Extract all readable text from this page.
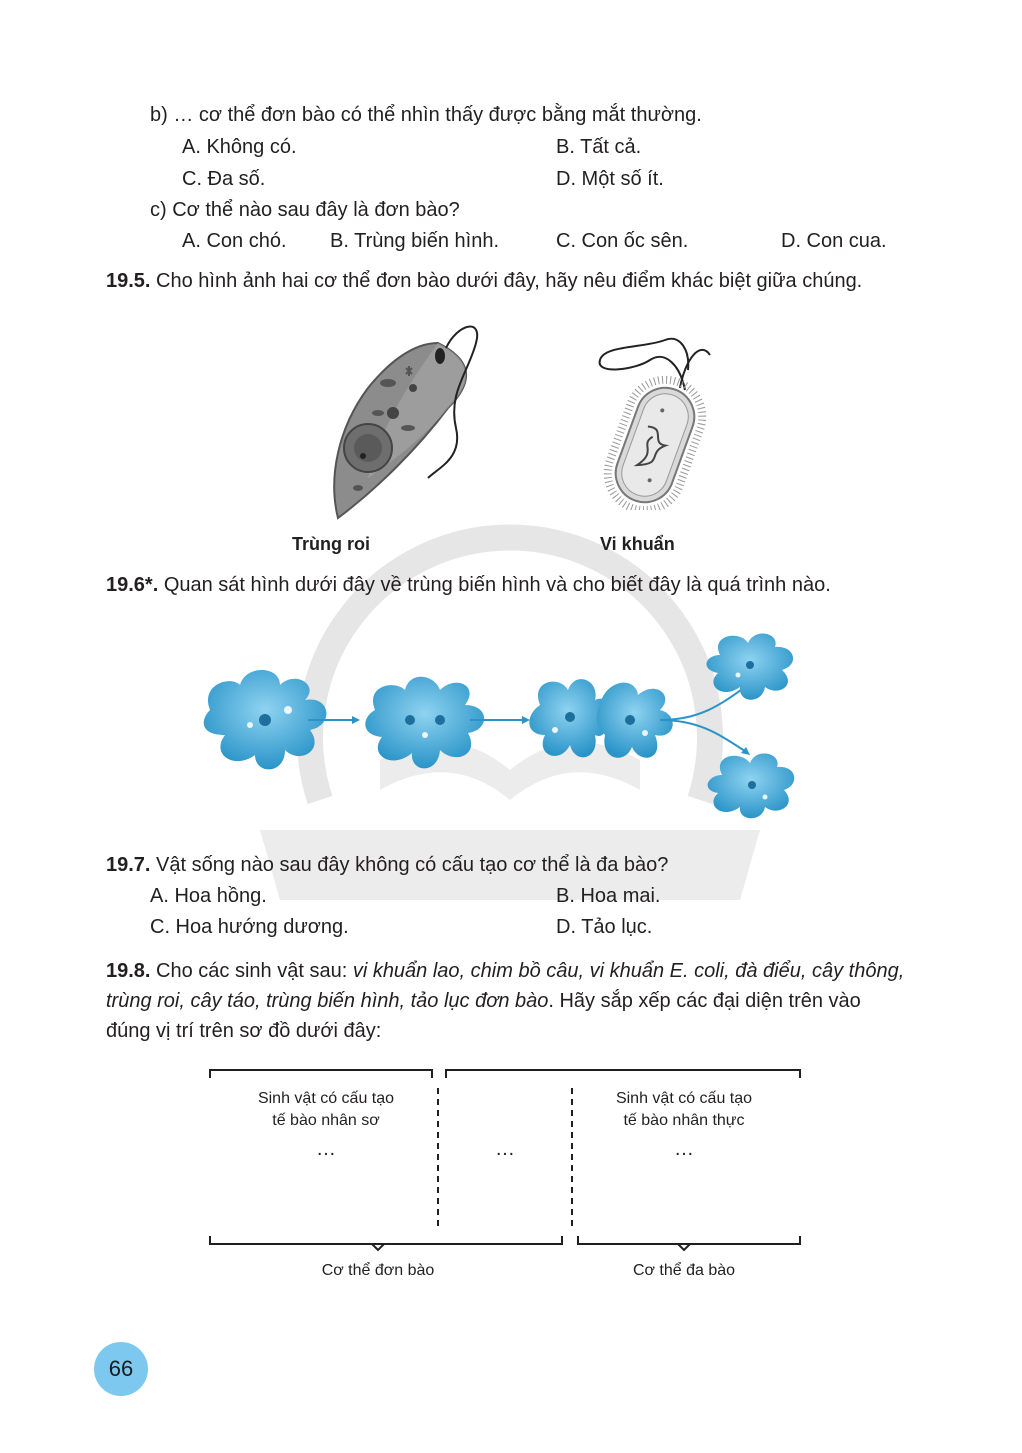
b) … cơ thể đơn bào có thể nhìn thấy được bằng mắt thường.
A. Không có.	B. Tất cả.
C. Đa số.	D. Một số ít.
c) Cơ thể nào sau đây là đơn bào?
A. Con chó. B. Trùng biến hình.	C. Con ốc sên.	D. Con cua.
19.5. Cho hình ảnh hai cơ thể đơn bào dưới đây, hãy nêu điểm khác biệt giữa chúng.
Trùng roi	Vi khuẩn
19.6*. Quan sát hình dưới đây về trùng biến hình và cho biết đây là quá trình nào.
19.7. Vật sống nào sau đây không có cấu tạo cơ thể là đa bào?
A. Hoa hồng.	B. Hoa mai.
C. Hoa hướng dương.	D. Tảo lục.
19.8. Cho các sinh vật sau: vi khuẩn lao, chim bồ câu, vi khuẩn E. coli, đà điểu, cây thông, trùng roi, cây táo, trùng biến hình, tảo lục đơn bào. Hãy sắp xếp các đại diện trên vào đúng vị trí trên sơ đồ dưới đây:
Sinh vật có cấu tạo
tế bào nhân sơ
…	…
Sinh vật có cấu tạo
tế bào nhân thực
…
Cơ thể đơn bào	Cơ thể đa bào
66
